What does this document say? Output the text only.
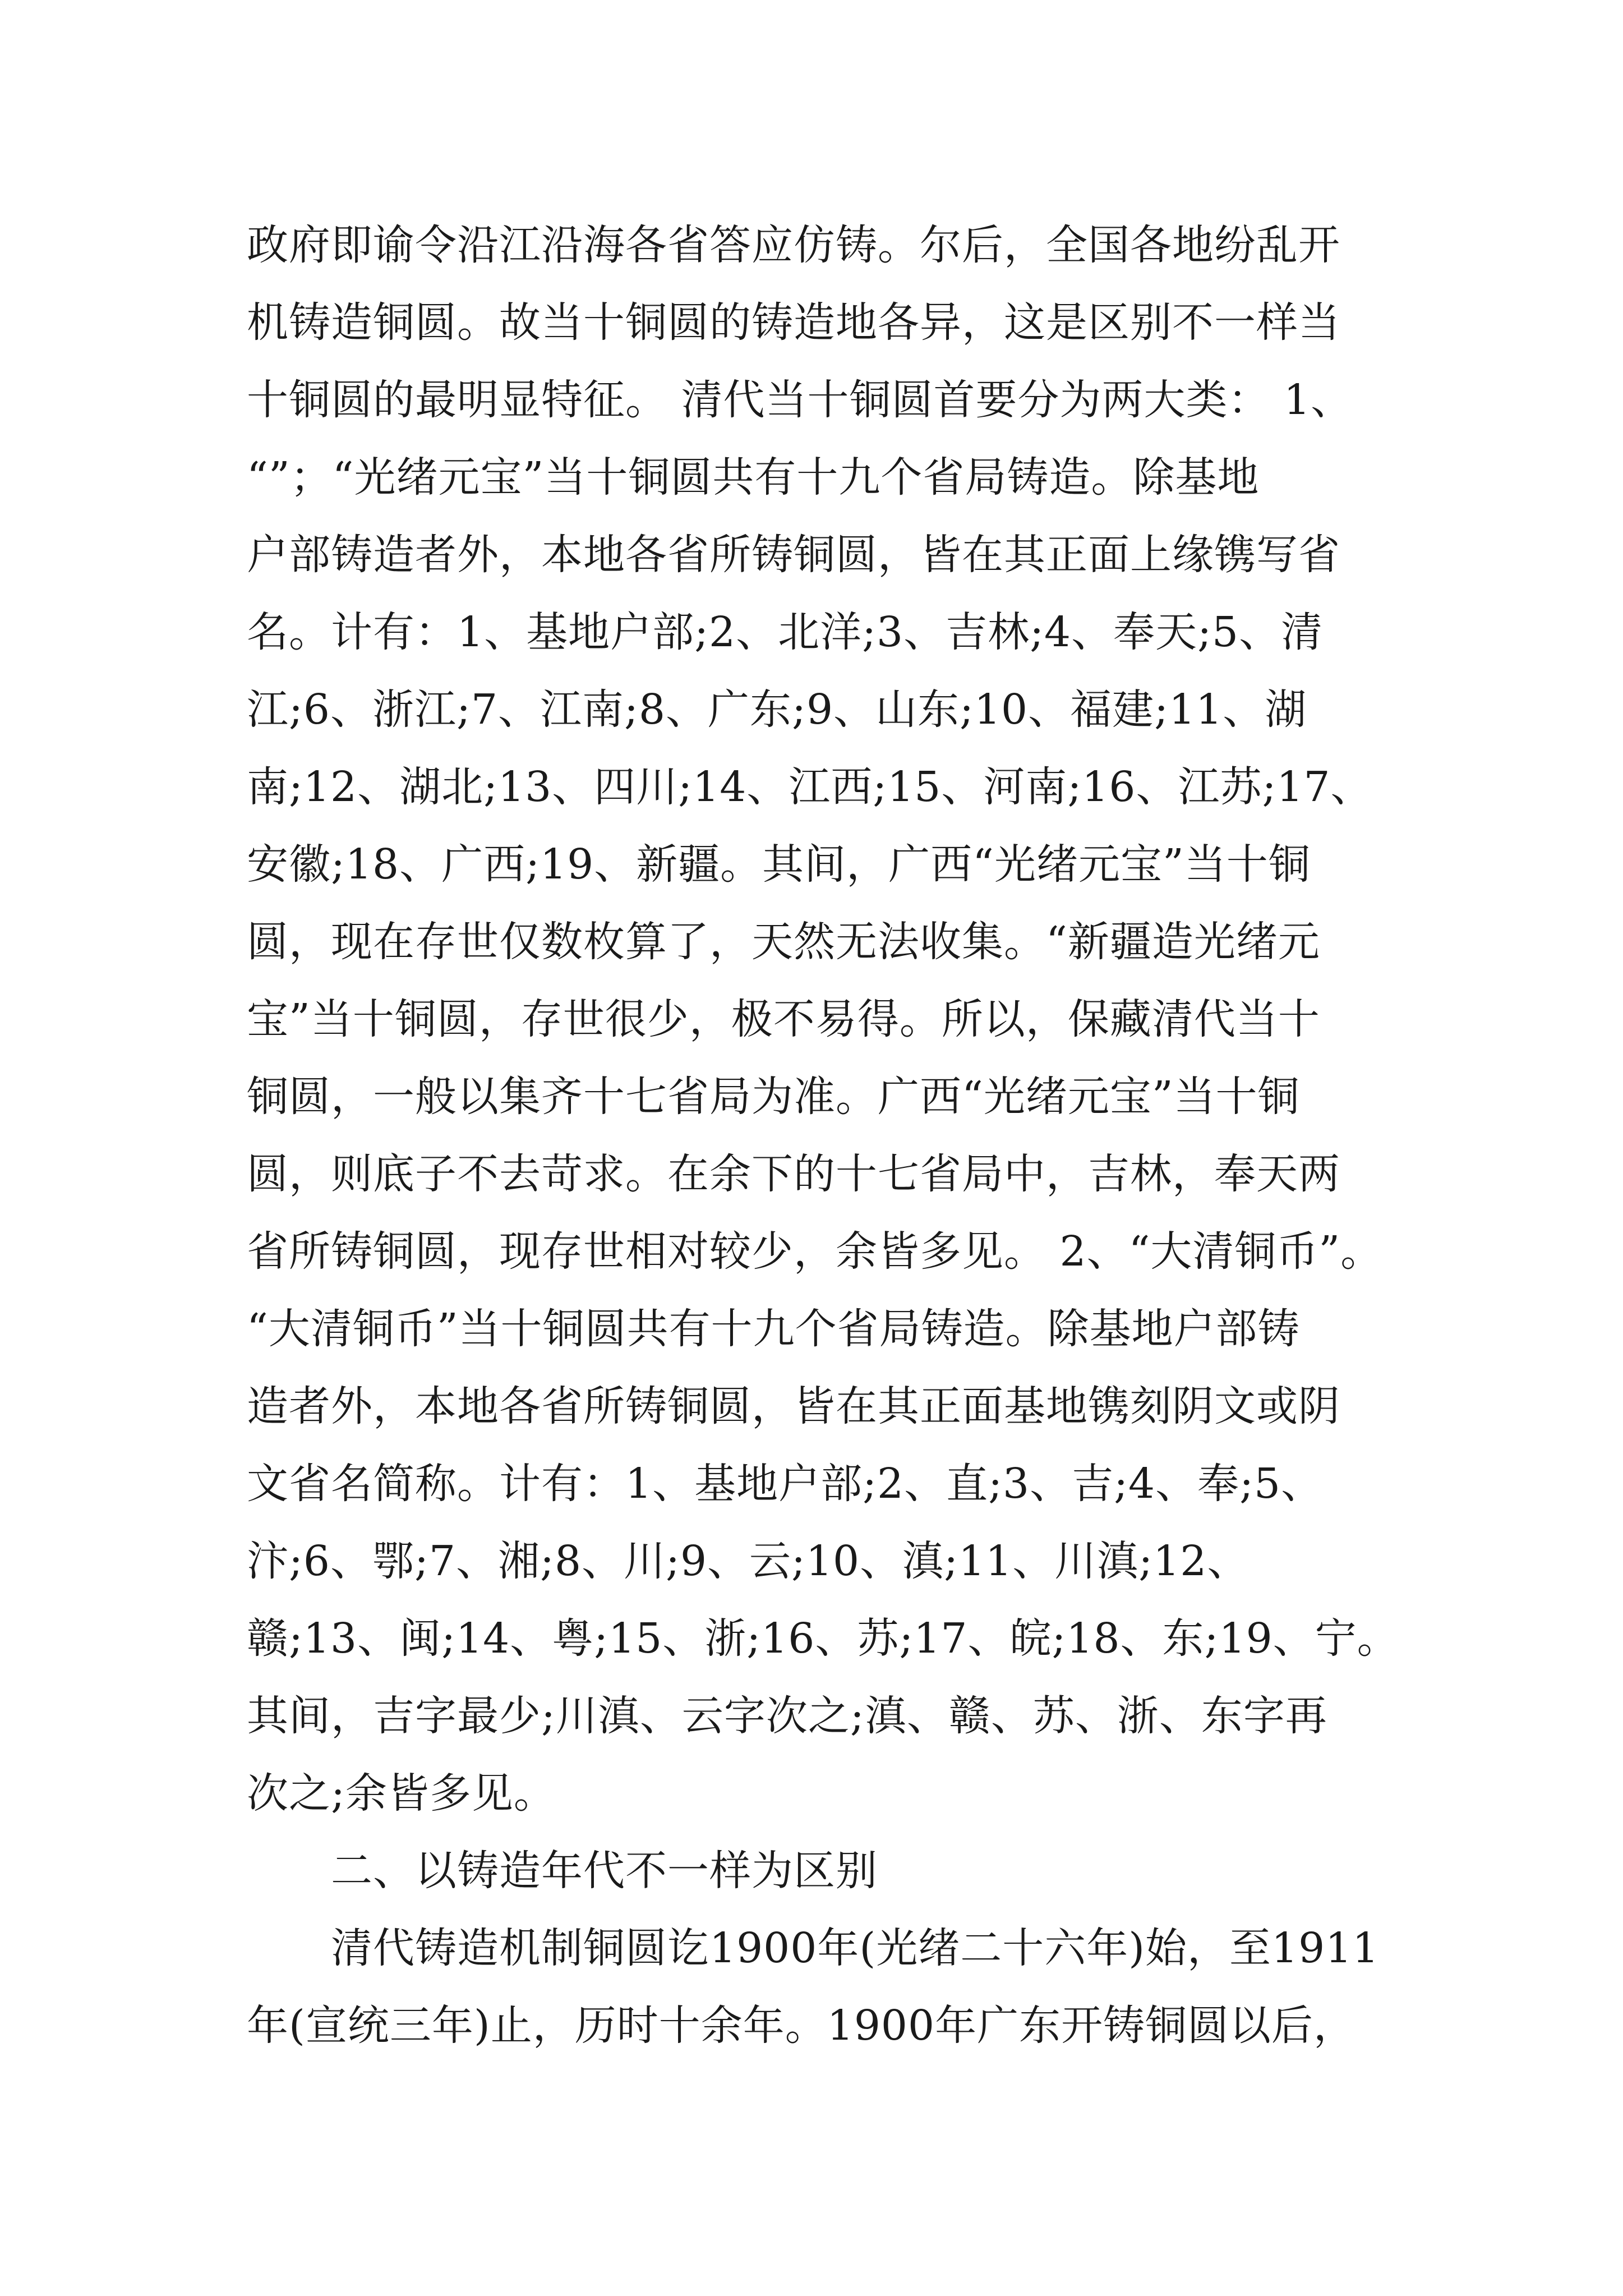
政府即谕令沿江沿海各省答应仿铸。尔后，全国各地纷乱开
机铸造铜圆。故当十铜圆的铸造地各异，这是区别不一样当
十铜圆的最明显特征。 清代当十铜圆首要分为两大类： 1、
“”；“光绪元宝”当十铜圆共有十九个省局铸造。除基地
户部铸造者外，本地各省所铸铜圆，皆在其正面上缘镌写省
名。计有：1、基地户部;2、北洋;3、吉林;4、奉天;5、清
江;6、浙江;7、江南;8、广东;9、山东;10、福建;11、湖
南;12、湖北;13、四川;14、江西;15、河南;16、江苏;17、
安徽;18、广西;19、新疆。其间，广西“光绪元宝”当十铜
圆，现在存世仅数枚算了，天然无法收集。“新疆造光绪元
宝”当十铜圆，存世很少，极不易得。所以，保藏清代当十
铜圆，一般以集齐十七省局为准。广西“光绪元宝”当十铜
圆，则底子不去苛求。在余下的十七省局中，吉林，奉天两
省所铸铜圆，现存世相对较少，余皆多见。 2、“大清铜币”。
“大清铜币”当十铜圆共有十九个省局铸造。除基地户部铸
造者外，本地各省所铸铜圆，皆在其正面基地镌刻阴文或阴
文省名简称。计有：1、基地户部;2、直;3、吉;4、奉;5、
汴;6、鄂;7、湘;8、川;9、云;10、滇;11、川滇;12、
赣;13、闽;14、粤;15、浙;16、苏;17、皖;18、东;19、宁。
其间，吉字最少;川滇、云字次之;滇、赣、苏、浙、东字再
次之;余皆多见。
二、以铸造年代不一样为区别
清代铸造机制铜圆讫1900年(光绪二十六年)始，至1911
年(宣统三年)止，历时十余年。1900年广东开铸铜圆以后，
